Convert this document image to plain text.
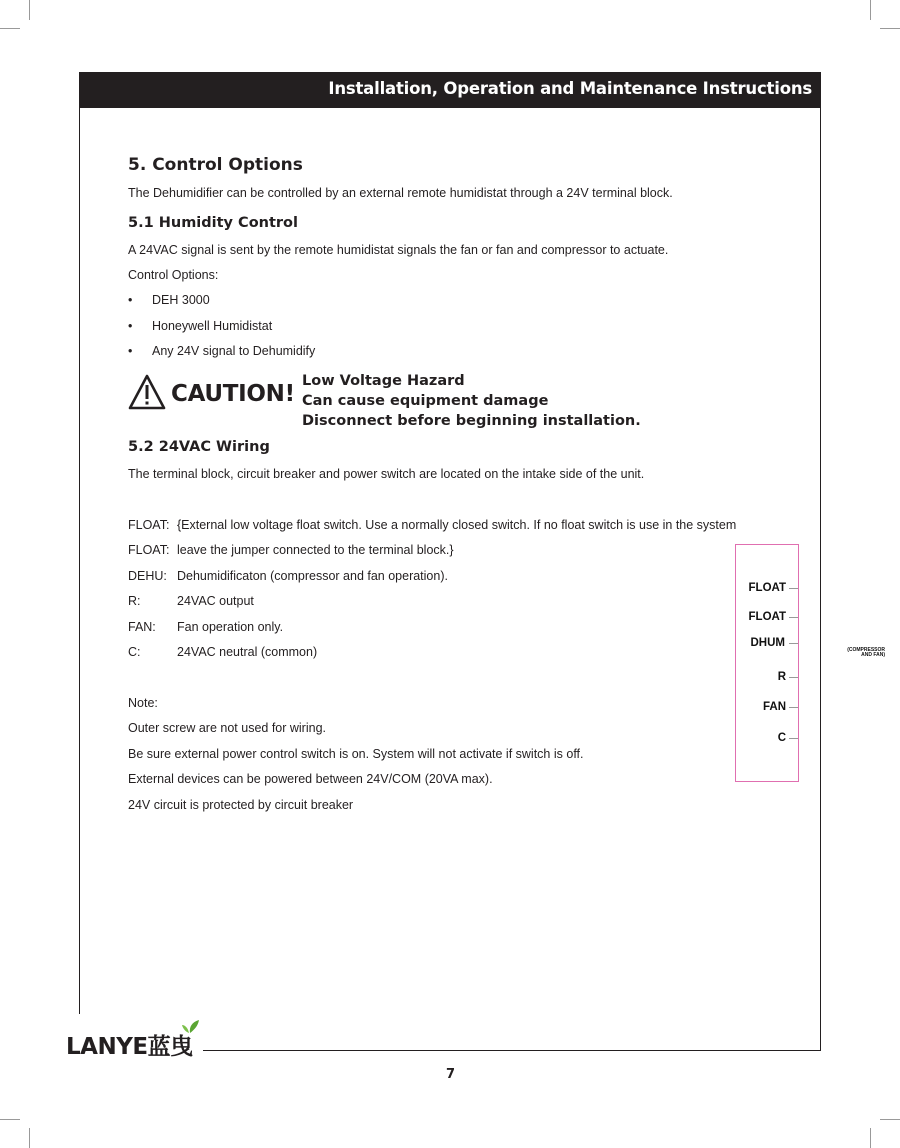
Installation, Operation and Maintenance Instructions
5. Control Options
The Dehumidifier can be controlled by an external remote humidistat through a 24V terminal block.
5.1 Humidity Control
A 24VAC signal is sent by the remote humidistat signals the fan or fan and compressor to actuate.
Control Options:
• DEH 3000
• Honeywell Humidistat
• Any 24V signal to Dehumidify
CAUTION! Low Voltage Hazard
Can cause equipment damage
Disconnect before beginning installation.
5.2 24VAC Wiring
The terminal block, circuit breaker and power switch are located on the intake side of the unit.
FLOAT: {External low voltage float switch. Use a normally closed switch. If no float switch is use in the system
FLOAT: leave the jumper connected to the terminal block.}
DEHU: Dehumidificaton (compressor and fan operation).
R:	24VAC output
FAN: Fan operation only.
C:	24VAC neutral (common)
Note:
Outer screw are not used for wiring.
Be sure external power control switch is on. System will not activate if switch is off.
External devices can be powered between 24V/COM (20VA max).
24V circuit is protected by circuit breaker
FLOAT
FLOAT
DHUM
(COMPRESSOR
AND FAN)
R
FAN
C
LANYE蓝曳
7
